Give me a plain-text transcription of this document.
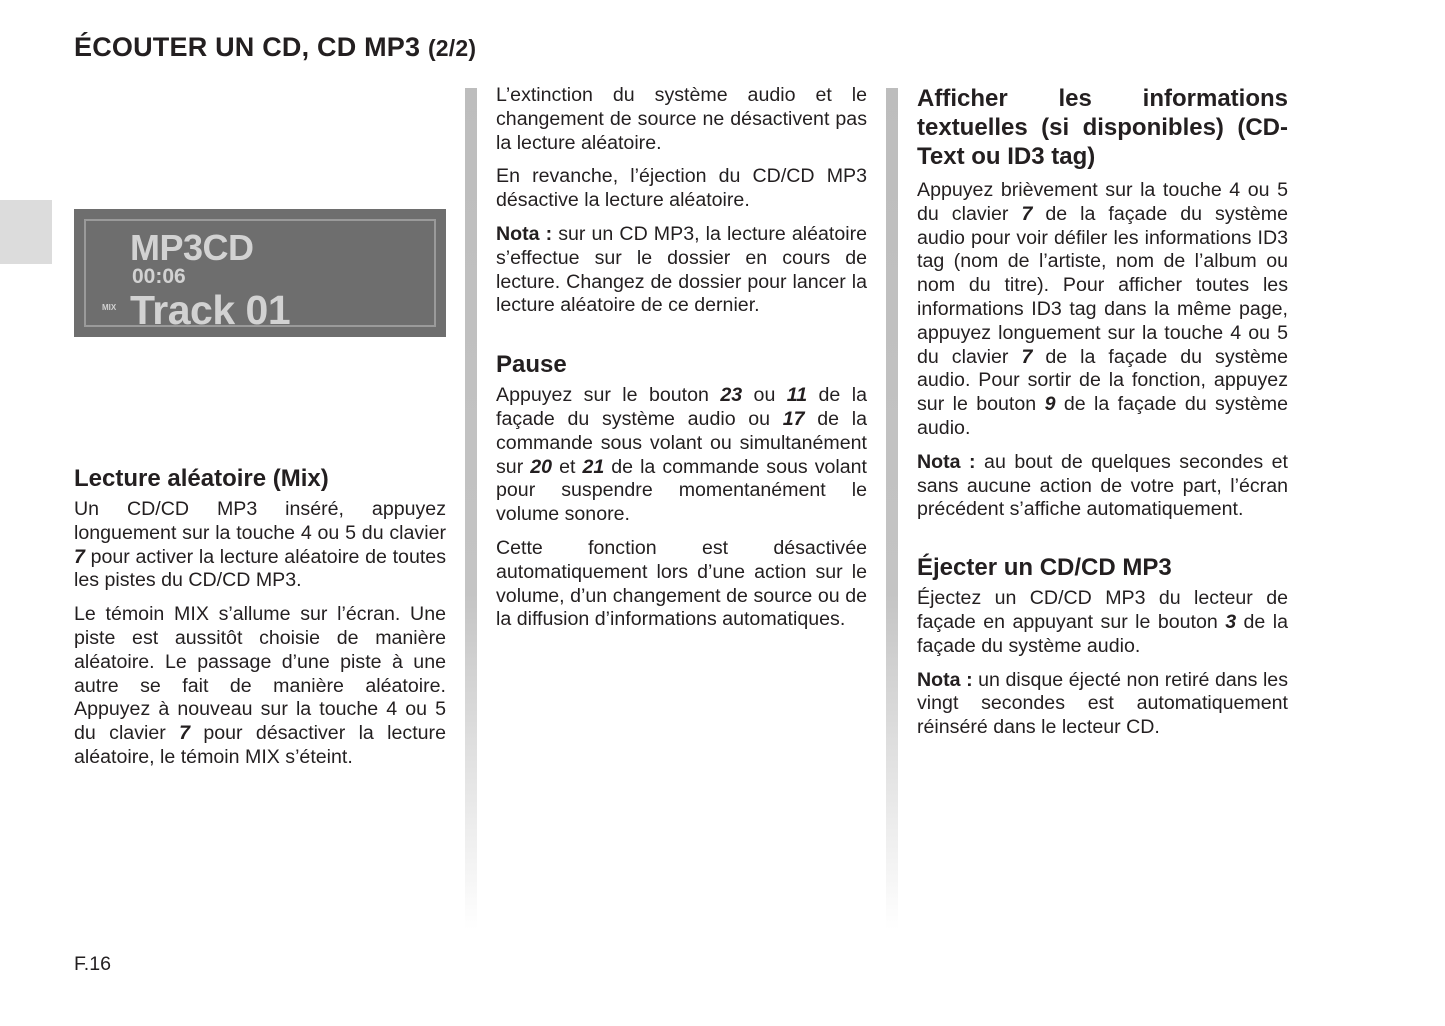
ÉCOUTER UN CD, CD MP3 (2/2)
MP3CD
00:06
MIX Track 01
Lecture aléatoire (Mix)

Un CD/CD MP3 inséré, appuyez longuement sur la touche 4 ou 5 du clavier 7 pour activer la lecture aléatoire de toutes les pistes du CD/CD MP3.

Le témoin MIX s’allume sur l’écran. Une piste est aussitôt choisie de manière aléatoire. Le passage d’une piste à une autre se fait de manière aléatoire. Appuyez à nouveau sur la touche 4 ou 5 du clavier 7 pour désactiver la lecture aléatoire, le témoin MIX s’éteint.

L’extinction du système audio et le changement de source ne désactivent pas la lecture aléatoire.

En revanche, l’éjection du CD/CD MP3 désactive la lecture aléatoire.

Nota : sur un CD MP3, la lecture aléatoire s’effectue sur le dossier en cours de lecture. Changez de dossier pour lancer la lecture aléatoire de ce dernier.

Pause

Appuyez sur le bouton 23 ou 11 de la façade du système audio ou 17 de la commande sous volant ou simultanément sur 20 et 21 de la commande sous volant pour suspendre momentanément le volume sonore.

Cette fonction est désactivée automatiquement lors d’une action sur le volume, d’un changement de source ou de la diffusion d’informations automatiques.

Afficher les informations textuelles (si disponibles) (CD-Text ou ID3 tag)

Appuyez brièvement sur la touche 4 ou 5 du clavier 7 de la façade du système audio pour voir défiler les informations ID3 tag (nom de l’artiste, nom de l’album ou nom du titre). Pour afficher toutes les informations ID3 tag dans la même page, appuyez longuement sur la touche 4 ou 5 du clavier 7 de la façade du système audio. Pour sortir de la fonction, appuyez sur le bouton 9 de la façade du système audio.

Nota : au bout de quelques secondes et sans aucune action de votre part, l’écran précédent s’affiche automatiquement.

Éjecter un CD/CD MP3

Éjectez un CD/CD MP3 du lecteur de façade en appuyant sur le bouton 3 de la façade du système audio.

Nota : un disque éjecté non retiré dans les vingt secondes est automatiquement réinséré dans le lecteur CD.

F.16
